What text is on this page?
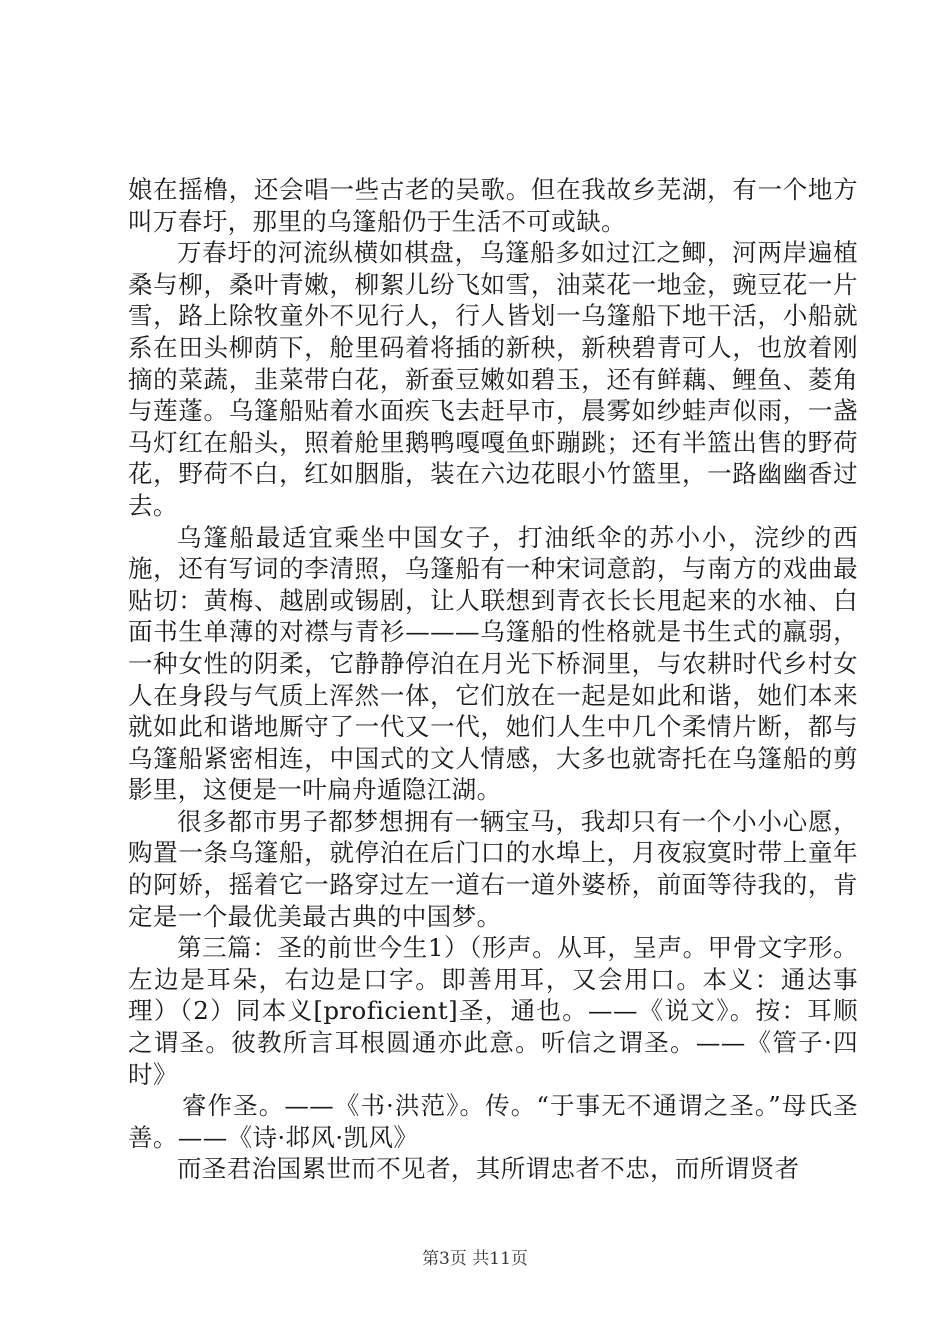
娘在摇橹，还会唱一些古老的吴歌。但在我故乡芜湖，有一个地方叫万春圩，那里的乌篷船仍于生活不可或缺。

万春圩的河流纵横如棋盘，乌篷船多如过江之鲫，河两岸遍植桑与柳，桑叶青嫩，柳絮儿纷飞如雪，油菜花一地金，豌豆花一片雪，路上除牧童外不见行人，行人皆划一乌篷船下地干活，小船就系在田头柳荫下，舱里码着将插的新秧，新秧碧青可人，也放着刚摘的菜蔬，韭菜带白花，新蚕豆嫩如碧玉，还有鲜藕、鲤鱼、菱角与莲蓬。乌篷船贴着水面疾飞去赶早市，晨雾如纱蛙声似雨，一盏马灯红在船头，照着舱里鹅鸭嘎嘎鱼虾蹦跳；还有半篮出售的野荷花，野荷不白，红如胭脂，装在六边花眼小竹篮里，一路幽幽香过去。

乌篷船最适宜乘坐中国女子，打油纸伞的苏小小，浣纱的西施，还有写词的李清照，乌篷船有一种宋词意韵，与南方的戏曲最贴切：黄梅、越剧或锡剧，让人联想到青衣长长甩起来的水袖、白面书生单薄的对襟与青衫———乌篷船的性格就是书生式的羸弱，一种女性的阴柔，它静静停泊在月光下桥洞里，与农耕时代乡村女人在身段与气质上浑然一体，它们放在一起是如此和谐，她们本来就如此和谐地厮守了一代又一代，她们人生中几个柔情片断，都与乌篷船紧密相连，中国式的文人情感，大多也就寄托在乌篷船的剪影里，这便是一叶扁舟遁隐江湖。

很多都市男子都梦想拥有一辆宝马，我却只有一个小小心愿，购置一条乌篷船，就停泊在后门口的水埠上，月夜寂寞时带上童年的阿娇，摇着它一路穿过左一道右一道外婆桥，前面等待我的，肯定是一个最优美最古典的中国梦。

第三篇：圣的前世今生1）（形声。从耳，呈声。甲骨文字形。左边是耳朵，右边是口字。即善用耳，又会用口。本义：通达事理）（2）同本义[proficient]圣，通也。——《说文》。按：耳顺之谓圣。彼教所言耳根圆通亦此意。听信之谓圣。——《管子·四时》

睿作圣。——《书·洪范》。传。“于事无不通谓之圣。”母氏圣善。——《诗·邶风·凯风》

而圣君治国累世而不见者，其所谓忠者不忠，而所谓贤者

第3页 共11页
